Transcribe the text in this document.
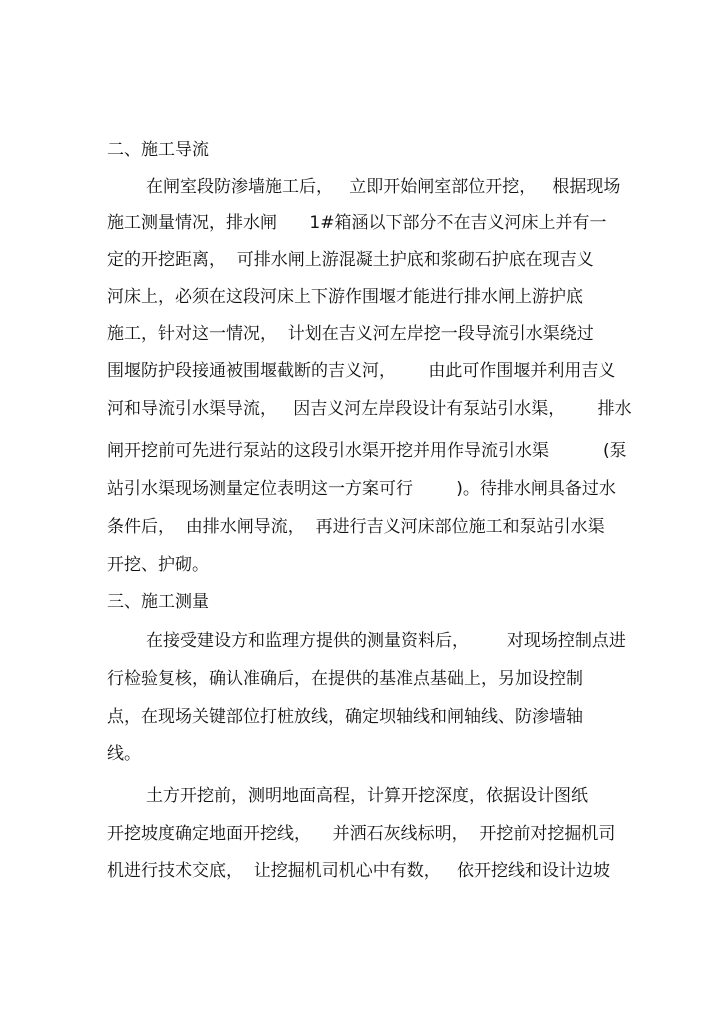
二、施工导流
在闸室段防渗墙施工后，   立即开始闸室部位开挖，   根据现场
施工测量情况，排水闸      1#箱涵以下部分不在吉义河床上并有一
定的开挖距离，  可排水闸上游混凝土护底和浆砌石护底在现吉义
河床上，必须在这段河床上下游作围堰才能进行排水闸上游护底
施工，针对这一情况，  计划在吉义河左岸挖一段导流引水渠绕过
围堰防护段接通被围堰截断的吉义河，      由此可作围堰并利用吉义
河和导流引水渠导流，   因吉义河左岸段设计有泵站引水渠，      排水
闸开挖前可先进行泵站的这段引水渠开挖并用作导流引水渠          (泵
站引水渠现场测量定位表明这一方案可行        )。待排水闸具备过水
条件后，  由排水闸导流，  再进行吉义河床部位施工和泵站引水渠
开挖、护砌。
三、施工测量
在接受建设方和监理方提供的测量资料后，       对现场控制点进
行检验复核，确认准确后，在提供的基准点基础上，另加设控制
点，在现场关键部位打桩放线，确定坝轴线和闸轴线、防渗墙轴
线。
土方开挖前，测明地面高程，计算开挖深度，依据设计图纸
开挖坡度确定地面开挖线，    并洒石灰线标明，  开挖前对挖掘机司
机进行技术交底，  让挖掘机司机心中有数，   依开挖线和设计边坡
